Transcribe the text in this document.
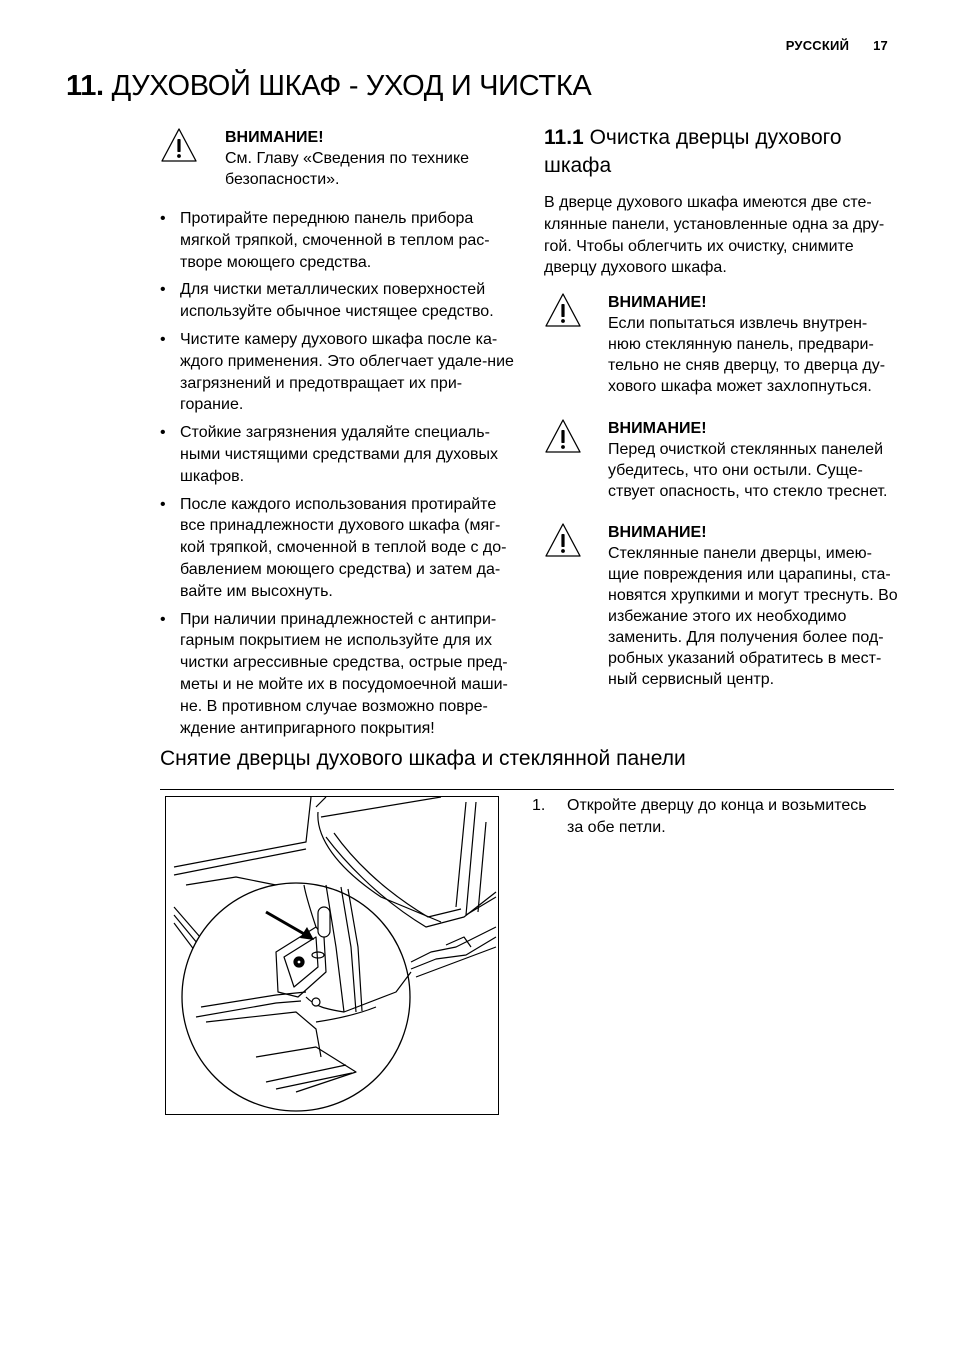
РУССКИЙ 17
11. ДУХОВОЙ ШКАФ - УХОД И ЧИСТКА
ВНИМАНИЕ!
См. Главу «Сведения по технике безопасности».
• Протирайте переднюю панель прибора мягкой тряпкой, смоченной в теплом рас-творе моющего средства.
• Для чистки металлических поверхностей используйте обычное чистящее средство.
• Чистите камеру духового шкафа после ка-ждого применения. Это облегчает удале-ние загрязнений и предотвращает их при-горание.
• Стойкие загрязнения удаляйте специаль-ными чистящими средствами для духовых шкафов.
• После каждого использования протирайте все принадлежности духового шкафа (мяг-кой тряпкой, смоченной в теплой воде с до-бавлением моющего средства) и затем да-вайте им высохнуть.
• При наличии принадлежностей с антипри-гарным покрытием не используйте для их чистки агрессивные средства, острые пред-меты и не мойте их в посудомоечной маши-не. В противном случае возможно повре-ждение антипригарного покрытия!
11.1 Очистка дверцы духового шкафа

В дверце духового шкафа имеются две сте-клянные панели, установленные одна за дру-гой. Чтобы облегчить их очистку, снимите дверцу духового шкафа.

ВНИМАНИЕ!
Если попытаться извлечь внутрен-нюю стеклянную панель, предвари-тельно не сняв дверцу, то дверца ду-хового шкафа может захлопнуться.
ВНИМАНИЕ!
Перед очисткой стеклянных панелей убедитесь, что они остыли. Суще-ствует опасность, что стекло треснет.
ВНИМАНИЕ!
Стеклянные панели дверцы, имею-щие повреждения или царапины, ста-новятся хрупкими и могут треснуть. Во избежание этого их необходимо заменить. Для получения более под-робных указаний обратитесь в мест-ный сервисный центр.
Снятие дверцы духового шкафа и стеклянной панели
1. Откройте дверцу до конца и возьмитесь за обе петли.
